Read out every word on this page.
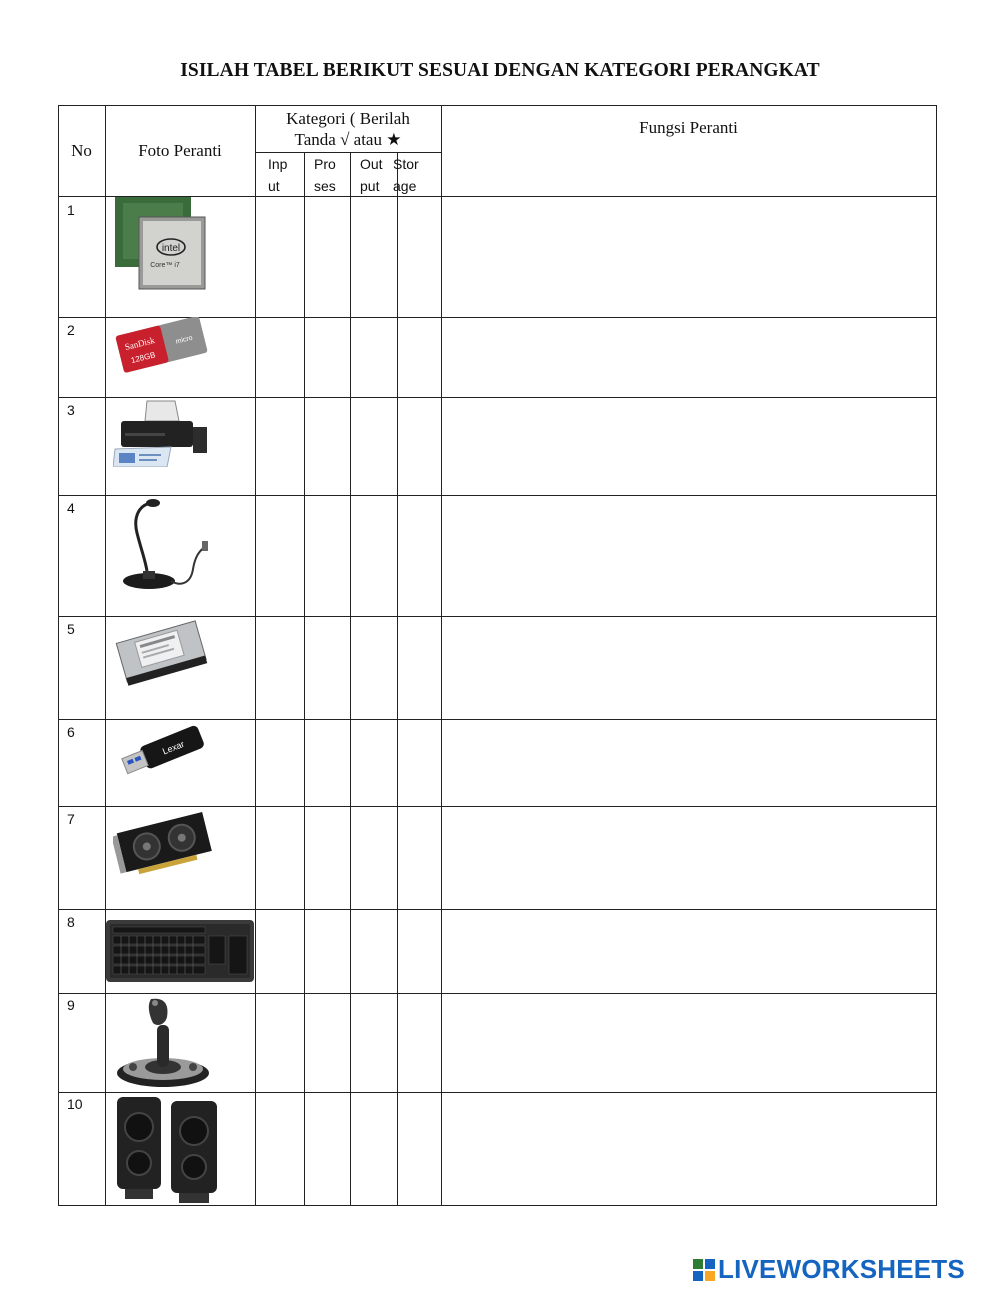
ISILAH TABEL BERIKUT SESUAI DENGAN KATEGORI PERANGKAT
No	Foto Peranti
Kategori ( Berilah
Tanda √ atau ★
Fungsi Peranti
Inp
ut
Pro
ses
Out
put
Stor
age
1
2
3
4
5
6
7
8
9
10
intel
Core™ i7
SanDisk
128GB
micro
Lexar
LIVEWORKSHEETS
